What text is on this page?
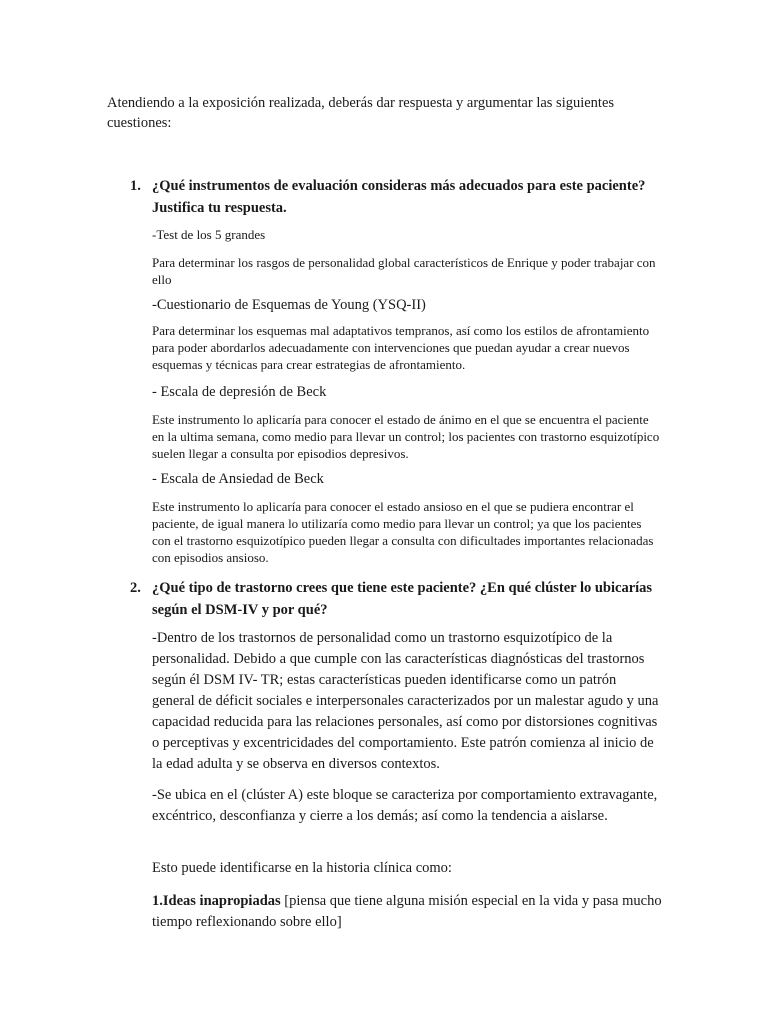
Atendiendo a la exposición realizada, deberás dar respuesta y argumentar las siguientes cuestiones:
1. ¿Qué instrumentos de evaluación consideras más adecuados para este paciente? Justifica tu respuesta.
-Test de los 5 grandes
Para determinar los rasgos de personalidad global característicos de Enrique y poder trabajar con ello
-Cuestionario de Esquemas de Young (YSQ-II)
Para determinar los esquemas mal adaptativos tempranos, así como los estilos de afrontamiento para poder abordarlos adecuadamente con intervenciones que puedan ayudar a crear nuevos esquemas y técnicas para crear estrategias de afrontamiento.
- Escala de depresión de Beck
Este instrumento lo aplicaría para conocer el estado de ánimo en el que se encuentra el paciente en la ultima semana, como medio para llevar un control; los pacientes con trastorno esquizotípico suelen llegar a consulta por episodios depresivos.
- Escala de Ansiedad de Beck
Este instrumento lo aplicaría para conocer el estado ansioso en el que se pudiera encontrar el paciente, de igual manera lo utilizaría como medio para llevar un control; ya que los pacientes con el trastorno esquizotípico pueden llegar a consulta con dificultades importantes relacionadas con episodios ansioso.
2. ¿Qué tipo de trastorno crees que tiene este paciente? ¿En qué clúster lo ubicarías según el DSM-IV y por qué?
-Dentro de los trastornos de personalidad como un trastorno esquizotípico de la personalidad. Debido a que cumple con las características diagnósticas del trastornos según él DSM IV- TR; estas características pueden identificarse como un patrón general de déficit sociales e interpersonales caracterizados por un malestar agudo y una capacidad reducida para las relaciones personales, así como por distorsiones cognitivas o perceptivas y excentricidades del comportamiento. Este patrón comienza al inicio de la edad adulta y se observa en diversos contextos.
-Se ubica en el (clúster A) este bloque se caracteriza por comportamiento extravagante, excéntrico, desconfianza y cierre a los demás; así como la tendencia a aislarse.
Esto puede identificarse en la historia clínica como:
1.Ideas inapropiadas [piensa que tiene alguna misión especial en la vida y pasa mucho tiempo reflexionando sobre ello]
